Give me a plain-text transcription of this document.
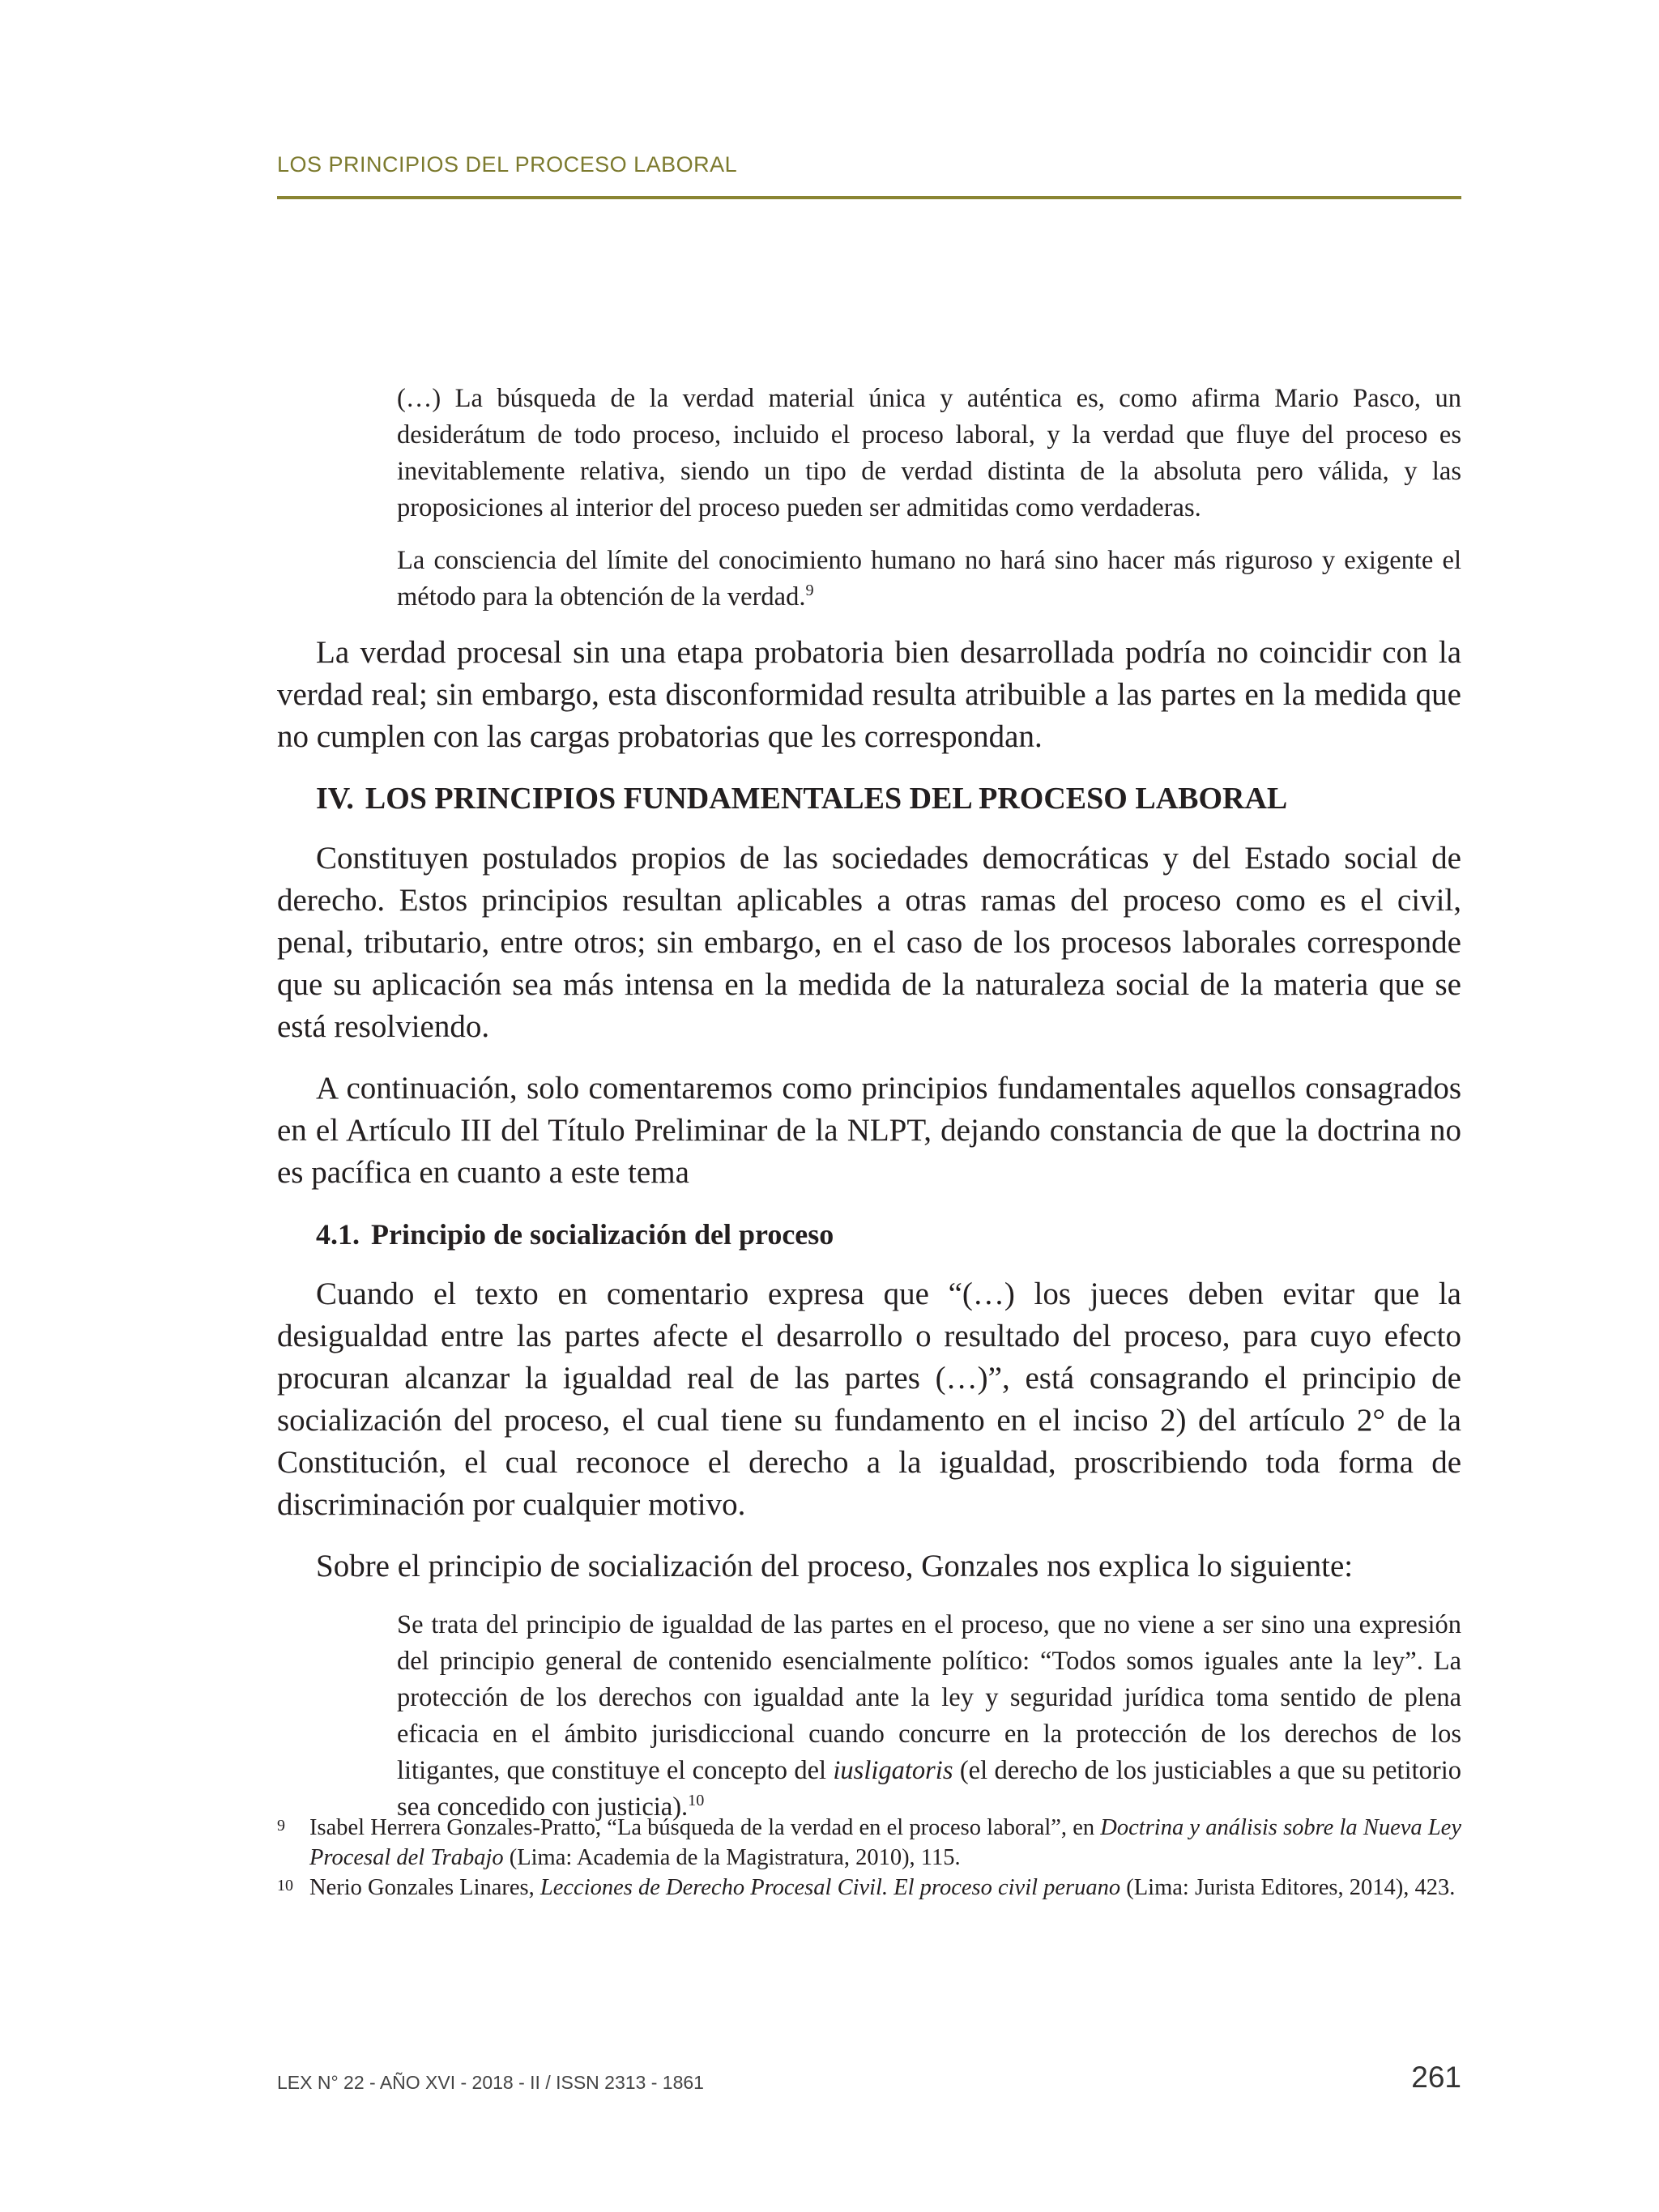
LOS PRINCIPIOS DEL PROCESO LABORAL

(…) La búsqueda de la verdad material única y auténtica es, como afirma Mario Pasco, un desiderátum de todo proceso, incluido el proceso laboral, y la verdad que fluye del proceso es inevitablemente relativa, siendo un tipo de verdad distinta de la absoluta pero válida, y las proposiciones al interior del proceso pueden ser admitidas como verdaderas.

La consciencia del límite del conocimiento humano no hará sino hacer más riguroso y exigente el método para la obtención de la verdad.$^9$

La verdad procesal sin una etapa probatoria bien desarrollada podría no coincidir con la verdad real; sin embargo, esta disconformidad resulta atribuible a las partes en la medida que no cumplen con las cargas probatorias que les correspondan.

IV. LOS PRINCIPIOS FUNDAMENTALES DEL PROCESO LABORAL

Constituyen postulados propios de las sociedades democráticas y del Estado social de derecho. Estos principios resultan aplicables a otras ramas del proceso como es el civil, penal, tributario, entre otros; sin embargo, en el caso de los procesos laborales corresponde que su aplicación sea más intensa en la medida de la naturaleza social de la materia que se está resolviendo.

A continuación, solo comentaremos como principios fundamentales aquellos consagrados en el Artículo III del Título Preliminar de la NLPT, dejando constancia de que la doctrina no es pacífica en cuanto a este tema

4.1. Principio de socialización del proceso

Cuando el texto en comentario expresa que “(…) los jueces deben evitar que la desigualdad entre las partes afecte el desarrollo o resultado del proceso, para cuyo efecto procuran alcanzar la igualdad real de las partes (…)”, está consagrando el principio de socialización del proceso, el cual tiene su fundamento en el inciso 2) del artículo 2° de la Constitución, el cual reconoce el derecho a la igualdad, proscribiendo toda forma de discriminación por cualquier motivo.

Sobre el principio de socialización del proceso, Gonzales nos explica lo siguiente:

Se trata del principio de igualdad de las partes en el proceso, que no viene a ser sino una expresión del principio general de contenido esencialmente político: “Todos somos iguales ante la ley”. La protección de los derechos con igualdad ante la ley y seguridad jurídica toma sentido de plena eficacia en el ámbito jurisdiccional cuando concurre en la protección de los derechos de los litigantes, que constituye el concepto del iusligatoris (el derecho de los justiciables a que su petitorio sea concedido con justicia).$^{10}$

9 Isabel Herrera Gonzales-Pratto, “La búsqueda de la verdad en el proceso laboral”, en Doctrina y análisis sobre la Nueva Ley Procesal del Trabajo (Lima: Academia de la Magistratura, 2010), 115.

10 Nerio Gonzales Linares, Lecciones de Derecho Procesal Civil. El proceso civil peruano (Lima: Jurista Editores, 2014), 423.

LEX N° 22 - AÑO XVI - 2018 - II / ISSN 2313 - 1861	261
